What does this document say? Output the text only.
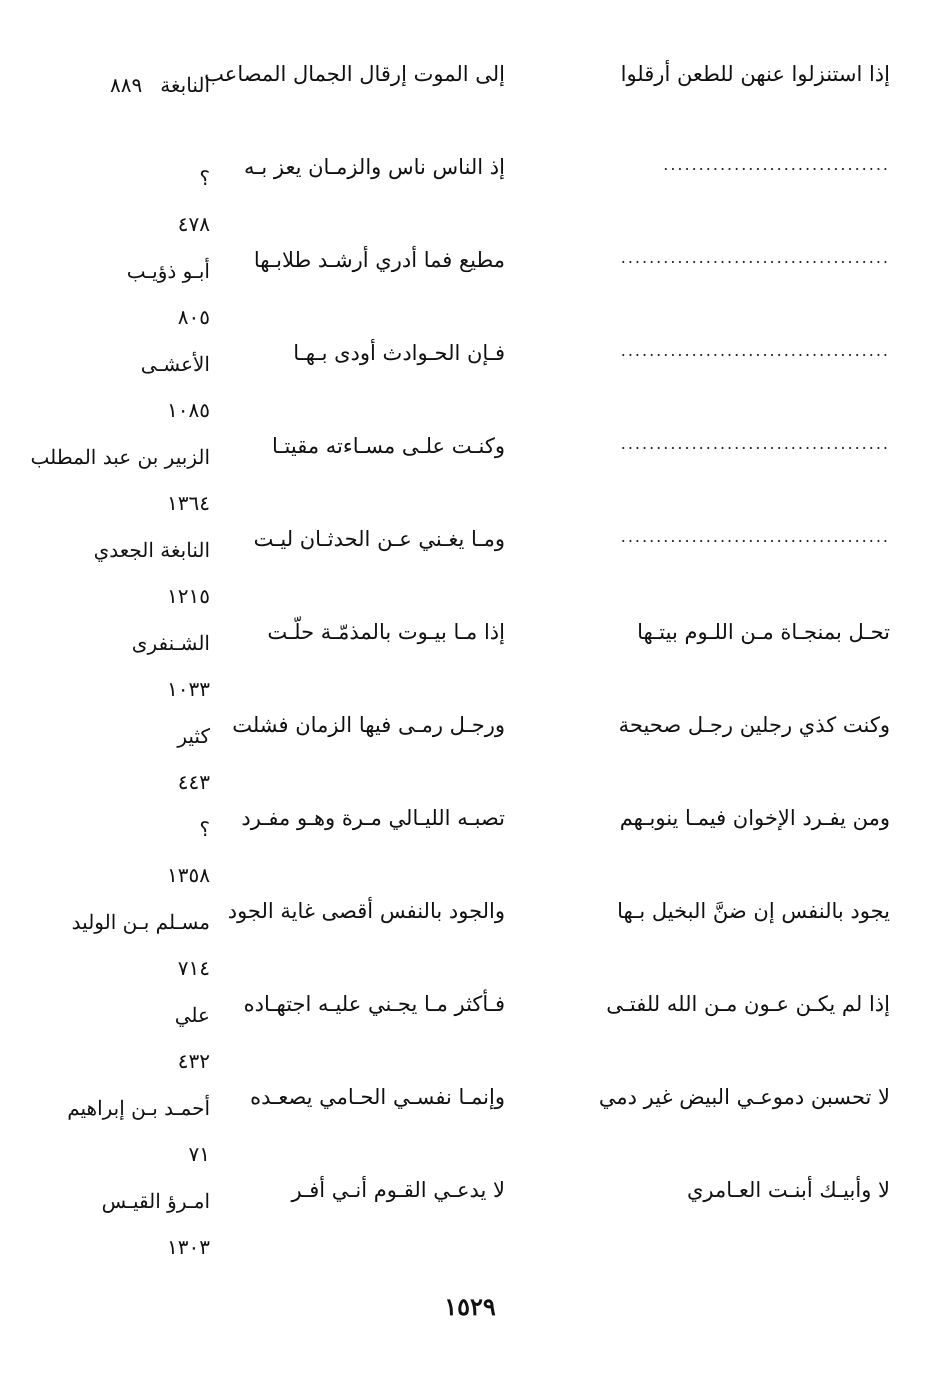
إذا استنزلوا عنهن للطعن أرقلوا
إلى الموت إرقال الجمال المصاعب
النابغة٨٨٩
................................
إذ الناس ناس والزمـان يعز بـه
؟
٤٧٨
......................................
مطيع فما أدري أرشـد طلابـها
أبـو ذؤيـب
٨٠٥
......................................
فـإن الحـوادث أودى بـهـا
الأعشـى
١٠٨٥
......................................
وكنـت علـى مسـاءته مقيتـا
الزبير بن عبد المطلب
١٣٦٤
......................................
ومـا يغـني عـن الحدثـان ليـت
النابغة الجعدي
١٢١٥
تحـل بمنجـاة مـن اللـوم بيتـها
إذا مـا بيـوت بالمذمّـة حلّـت
الشـنفرى
١٠٣٣
وكنت كذي رجلين رجـل صحيحة
ورجـل رمـى فيها الزمان فشلت
كثير
٤٤٣
ومن يفـرد الإخوان فيمـا ينوبـهم
تصبـه الليـالي مـرة وهـو مفـرد
؟
١٣٥٨
يجود بالنفس إن ضنَّ البخيل بـها
والجود بالنفس أقصى غاية الجود
مسـلم بـن الوليد
٧١٤
إذا لم يكـن عـون مـن الله للفتـى
فـأكثر مـا يجـني عليـه اجتهـاده
علي
٤٣٢
لا تحسبن دموعـي البيض غير دمي
وإنمـا نفسـي الحـامي يصعـده
أحمـد بـن إبراهيم
٧١
لا وأبيـك أبنـت العـامري
لا يدعـي القـوم أنـي أفـر
امـرؤ القيـس
١٣٠٣
١٥٢٩
